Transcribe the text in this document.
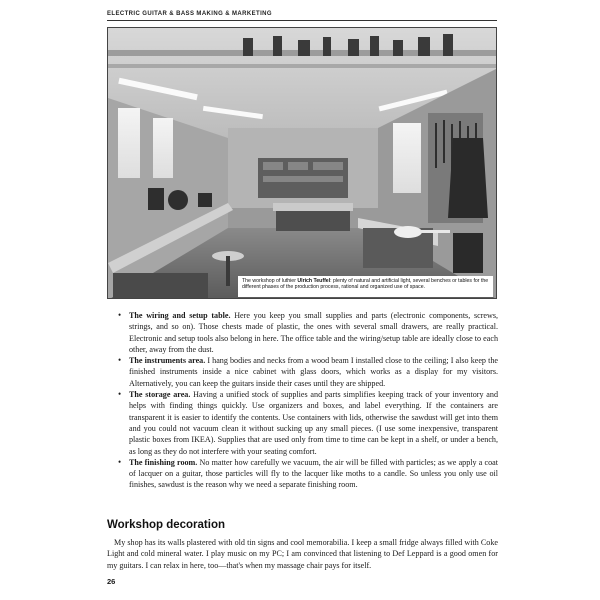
ELECTRIC GUITAR & BASS MAKING & MARKETING
The workshop of luthier Ulrich Teuffel: plenty of natural and artificial light, several benches or tables for the different phases of the production process, rational and organized use of space.
• The wiring and setup table. Here you keep you small supplies and parts (electronic components, screws, strings, and so on). Those chests made of plastic, the ones with several small drawers, are really practical. Electronic and setup tools also belong in here. The office table and the wiring/setup table are ideally close to each other, away from the dust.
• The instruments area. I hang bodies and necks from a wood beam I installed close to the ceiling; I also keep the finished instruments inside a nice cabinet with glass doors, which works as a display for my visitors. Alternatively, you can keep the guitars inside their cases until they are shipped.
• The storage area. Having a unified stock of supplies and parts simplifies keeping track of your inventory and helps with finding things quickly. Use organizers and boxes, and label everything. If the containers are transparent it is easier to identify the contents. Use containers with lids, otherwise the sawdust will get into them and you could not vacuum clean it without sucking up any small pieces. (I use some inexpensive, transparent plastic boxes from IKEA). Supplies that are used only from time to time can be kept in a shelf, or under a bench, as long as they do not interfere with your seating comfort.
• The finishing room. No matter how carefully we vacuum, the air will be filled with particles; as we apply a coat of lacquer on a guitar, those particles will fly to the lacquer like moths to a candle. So unless you only use oil finishes, sawdust is the reason why we need a separate finishing room.
Workshop decoration

My shop has its walls plastered with old tin signs and cool memorabilia. I keep a small fridge always filled with Coke Light and cold mineral water. I play music on my PC; I am convinced that listening to Def Leppard is a good omen for my guitars. I can relax in here, too—that's when my massage chair pays for itself.

26
